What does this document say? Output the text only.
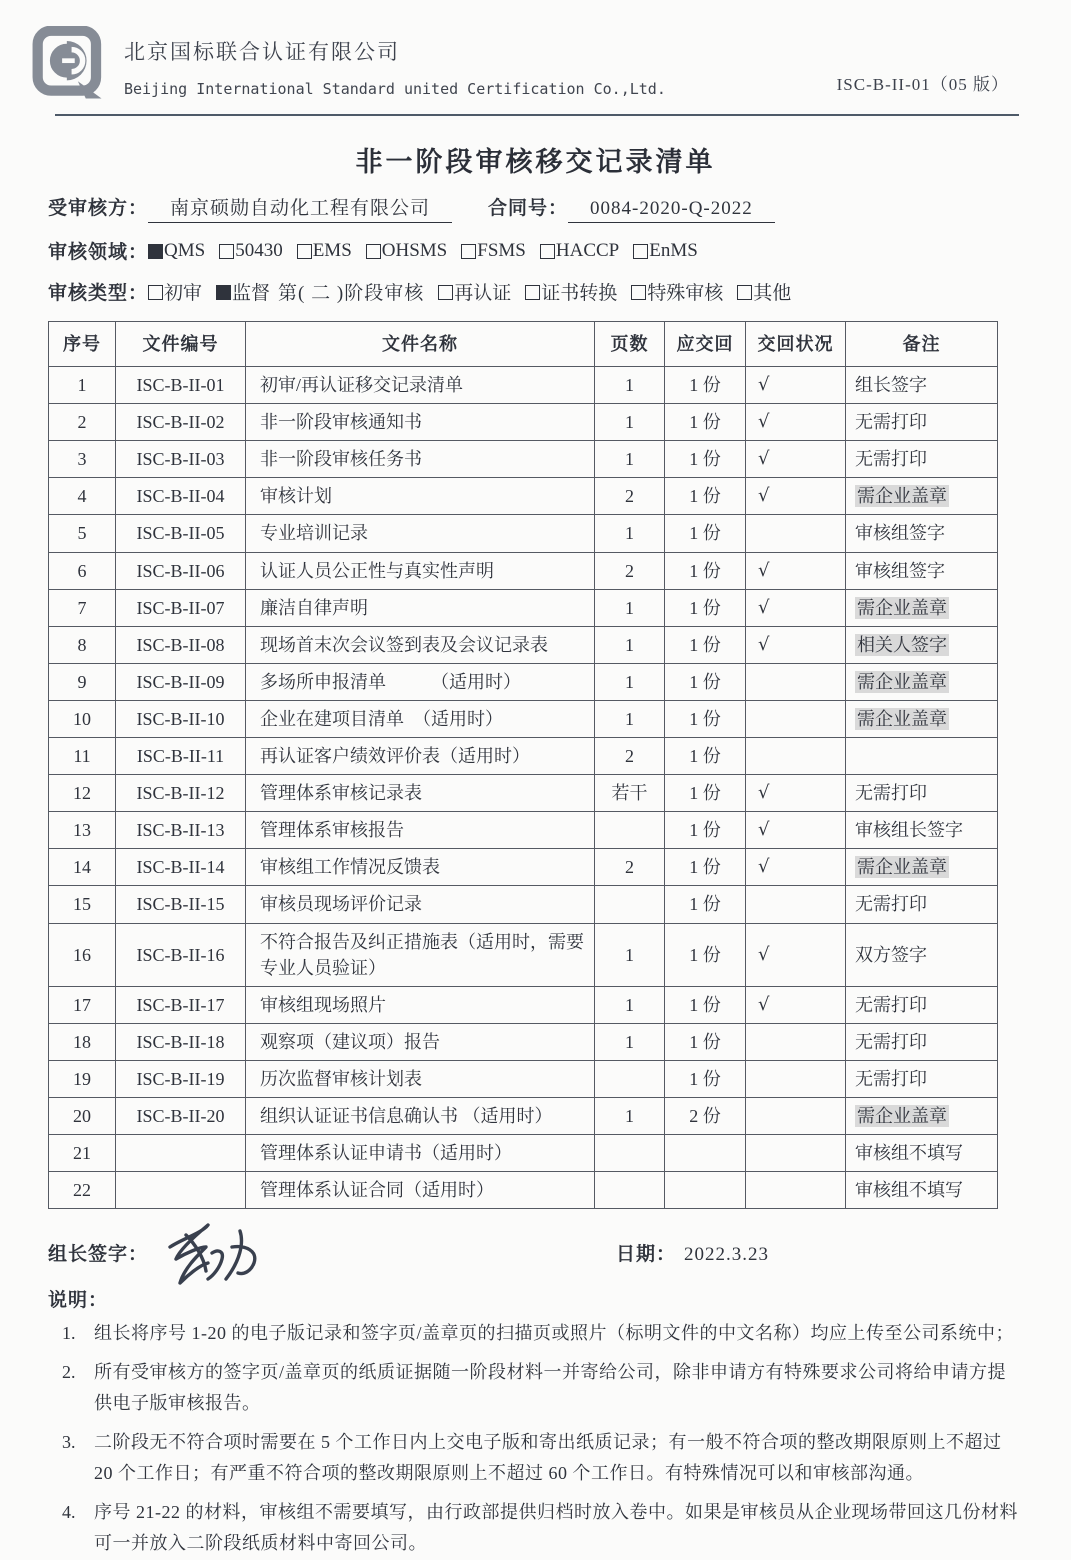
北京国标联合认证有限公司
Beijing International Standard united Certification Co.,Ltd.	ISC-B-II-01（05 版）
非一阶段审核移交记录清单
受审核方：	南京硕勋自动化工程有限公司	合同号：	0084-2020-Q-2022
审核领域： QMS 50430 EMS OHSMS FSMS HACCP EnMS
审核类型： 初审 监督 第( 二 )阶段审核 再认证 证书转换 特殊审核 其他
序号	文件编号	文件名称	页数	应交回	交回状况	备注
1	ISC-B-II-01	初审/再认证移交记录清单	1	1 份	√	组长签字
2	ISC-B-II-02	非一阶段审核通知书	1	1 份	√	无需打印
3	ISC-B-II-03	非一阶段审核任务书	1	1 份	√	无需打印
4	ISC-B-II-04	审核计划	2	1 份	√	需企业盖章
5	ISC-B-II-05	专业培训记录	1	1 份		审核组签字
6	ISC-B-II-06	认证人员公正性与真实性声明	2	1 份	√	审核组签字
7	ISC-B-II-07	廉洁自律声明	1	1 份	√	需企业盖章
8	ISC-B-II-08	现场首末次会议签到表及会议记录表	1	1 份	√	相关人签字
9	ISC-B-II-09	多场所申报清单　　　（适用时）	1	1 份		需企业盖章
10	ISC-B-II-10	企业在建项目清单　（适用时）	1	1 份		需企业盖章
11	ISC-B-II-11	再认证客户绩效评价表（适用时）	2	1 份		
12	ISC-B-II-12	管理体系审核记录表	若干	1 份	√	无需打印
13	ISC-B-II-13	管理体系审核报告		1 份	√	审核组长签字
14	ISC-B-II-14	审核组工作情况反馈表	2	1 份	√	需企业盖章
15	ISC-B-II-15	审核员现场评价记录		1 份		无需打印
16	ISC-B-II-16	不符合报告及纠正措施表（适用时，需要专业人员验证）	1	1 份	√	双方签字
17	ISC-B-II-17	审核组现场照片	1	1 份	√	无需打印
18	ISC-B-II-18	观察项（建议项）报告	1	1 份		无需打印
19	ISC-B-II-19	历次监督审核计划表		1 份		无需打印
20	ISC-B-II-20	组织认证证书信息确认书 （适用时）	1	2 份		需企业盖章
21		管理体系认证申请书（适用时）				审核组不填写
22		管理体系认证合同（适用时）				审核组不填写
组长签字：	日期： 2022.3.23
说明：
1.	组长将序号 1-20 的电子版记录和签字页/盖章页的扫描页或照片（标明文件的中文名称）均应上传至公司系统中；
2.	所有受审核方的签字页/盖章页的纸质证据随一阶段材料一并寄给公司，除非申请方有特殊要求公司将给申请方提供电子版审核报告。
3.	二阶段无不符合项时需要在 5 个工作日内上交电子版和寄出纸质记录；有一般不符合项的整改期限原则上不超过 20 个工作日；有严重不符合项的整改期限原则上不超过 60 个工作日。有特殊情况可以和审核部沟通。
4.	序号 21-22 的材料，审核组不需要填写，由行政部提供归档时放入卷中。如果是审核员从企业现场带回这几份材料可一并放入二阶段纸质材料中寄回公司。
